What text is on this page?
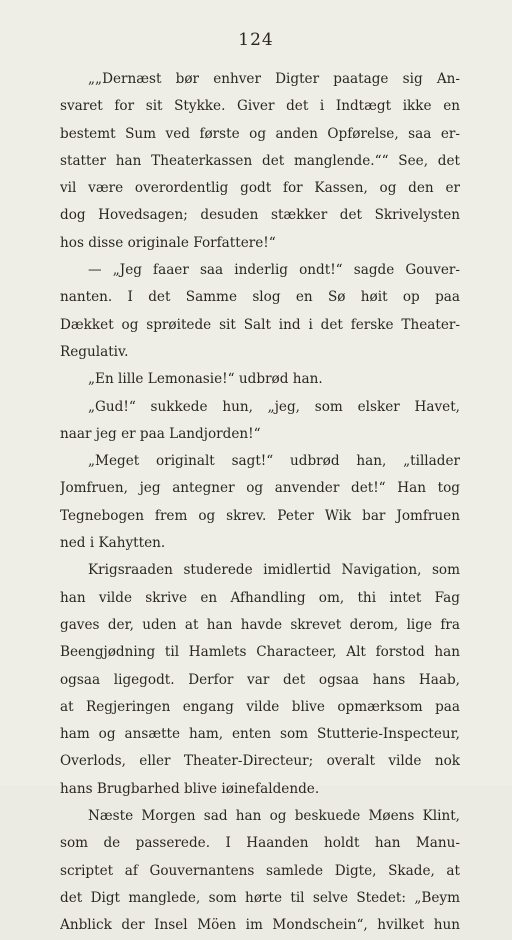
124
„„Dernæst bør enhver Digter paatage sig An-
svaret for sit Stykke. Giver det i Indtægt ikke en
bestemt Sum ved første og anden Opførelse, saa er-
statter han Theaterkassen det manglende.““ See, det
vil være overordentlig godt for Kassen, og den er
dog Hovedsagen; desuden stækker det Skrivelysten
hos disse originale Forfattere!“
— „Jeg faaer saa inderlig ondt!“ sagde Gouver-
nanten. I det Samme slog en Sø høit op paa
Dækket og sprøitede sit Salt ind i det ferske Theater-
Regulativ.
„En lille Lemonasie!“ udbrød han.
„Gud!“ sukkede hun, „jeg, som elsker Havet,
naar jeg er paa Landjorden!“
„Meget originalt sagt!“ udbrød han, „tillader
Jomfruen, jeg antegner og anvender det!“ Han tog
Tegnebogen frem og skrev. Peter Wik bar Jomfruen
ned i Kahytten.
Krigsraaden studerede imidlertid Navigation, som
han vilde skrive en Afhandling om, thi intet Fag
gaves der, uden at han havde skrevet derom, lige fra
Beengjødning til Hamlets Characteer, Alt forstod han
ogsaa ligegodt. Derfor var det ogsaa hans Haab,
at Regjeringen engang vilde blive opmærksom paa
ham og ansætte ham, enten som Stutterie-Inspecteur,
Overlods, eller Theater-Directeur; overalt vilde nok
hans Brugbarhed blive iøinefaldende.
Næste Morgen sad han og beskuede Møens Klint,
som de passerede. I Haanden holdt han Manu-
scriptet af Gouvernantens samlede Digte, Skade, at
det Digt manglede, som hørte til selve Stedet: „Beym
Anblick der Insel Möen im Mondschein“, hvilket hun
